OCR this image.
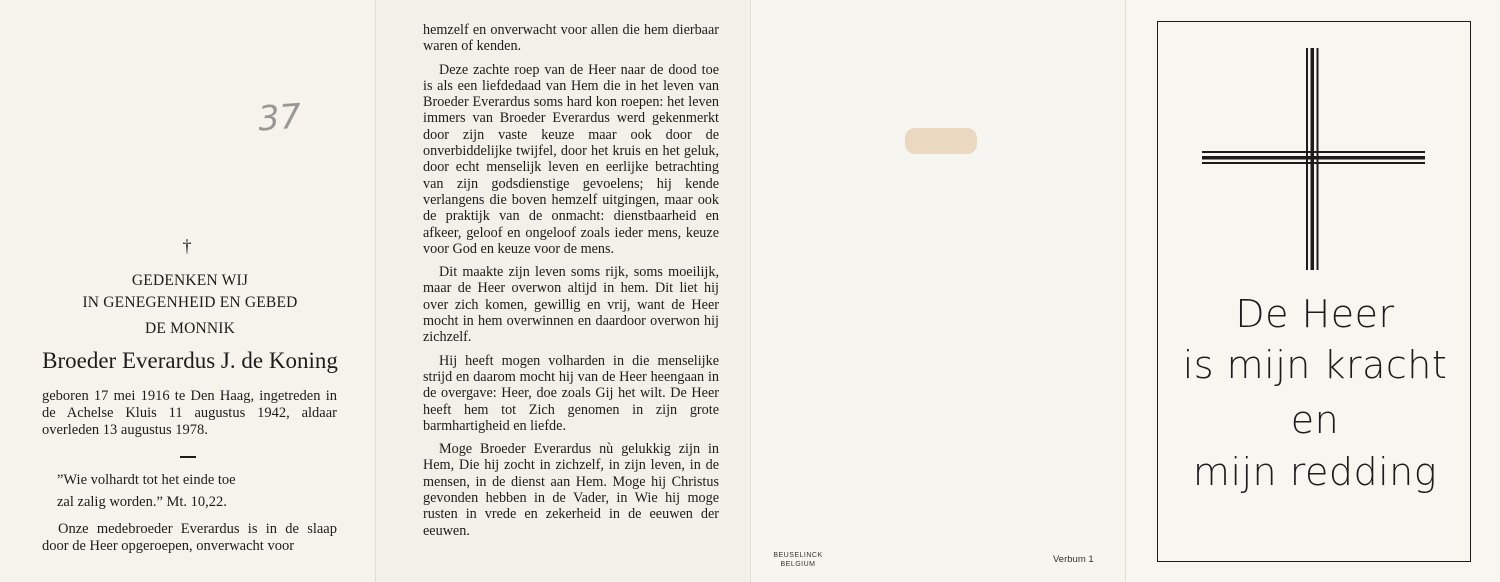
37
†
GEDENKEN WIJ
IN GENEGENHEID EN GEBED
DE MONNIK
Broeder Everardus J. de Koning
geboren 17 mei 1916 te Den Haag, ingetreden in de Achelse Kluis 11 augustus 1942, aldaar overleden 13 augustus 1978.
”Wie volhardt tot het einde toe
zal zalig worden.” Mt. 10,22.
Onze medebroeder Everardus is in de slaap door de Heer opgeroepen, onverwacht voor

hemzelf en onverwacht voor allen die hem dierbaar waren of kenden.

Deze zachte roep van de Heer naar de dood toe is als een liefdedaad van Hem die in het leven van Broeder Everardus soms hard kon roepen: het leven immers van Broeder Everardus werd gekenmerkt door zijn vaste keuze maar ook door de onverbiddelijke twijfel, door het kruis en het geluk, door echt menselijk leven en eerlijke betrachting van zijn godsdienstige gevoelens; hij kende verlangens die boven hemzelf uitgingen, maar ook de praktijk van de onmacht: dienstbaarheid en afkeer, geloof en ongeloof zoals ieder mens, keuze voor God en keuze voor de mens.

Dit maakte zijn leven soms rijk, soms moeilijk, maar de Heer overwon altijd in hem. Dit liet hij over zich komen, gewillig en vrij, want de Heer mocht in hem overwinnen en daardoor overwon hij zichzelf.

Hij heeft mogen volharden in die menselijke strijd en daarom mocht hij van de Heer heengaan in de overgave: Heer, doe zoals Gij het wilt. De Heer heeft hem tot Zich genomen in zijn grote barmhartigheid en liefde.

Moge Broeder Everardus nù gelukkig zijn in Hem, Die hij zocht in zichzelf, in zijn leven, in de mensen, in de dienst aan Hem. Moge hij Christus gevonden hebben in de Vader, in Wie hij moge rusten in vrede en zekerheid in de eeuwen der eeuwen.

BEUSELINCK
BELGIUM	Verbum 1
De Heer
is mijn kracht
en
mijn redding
